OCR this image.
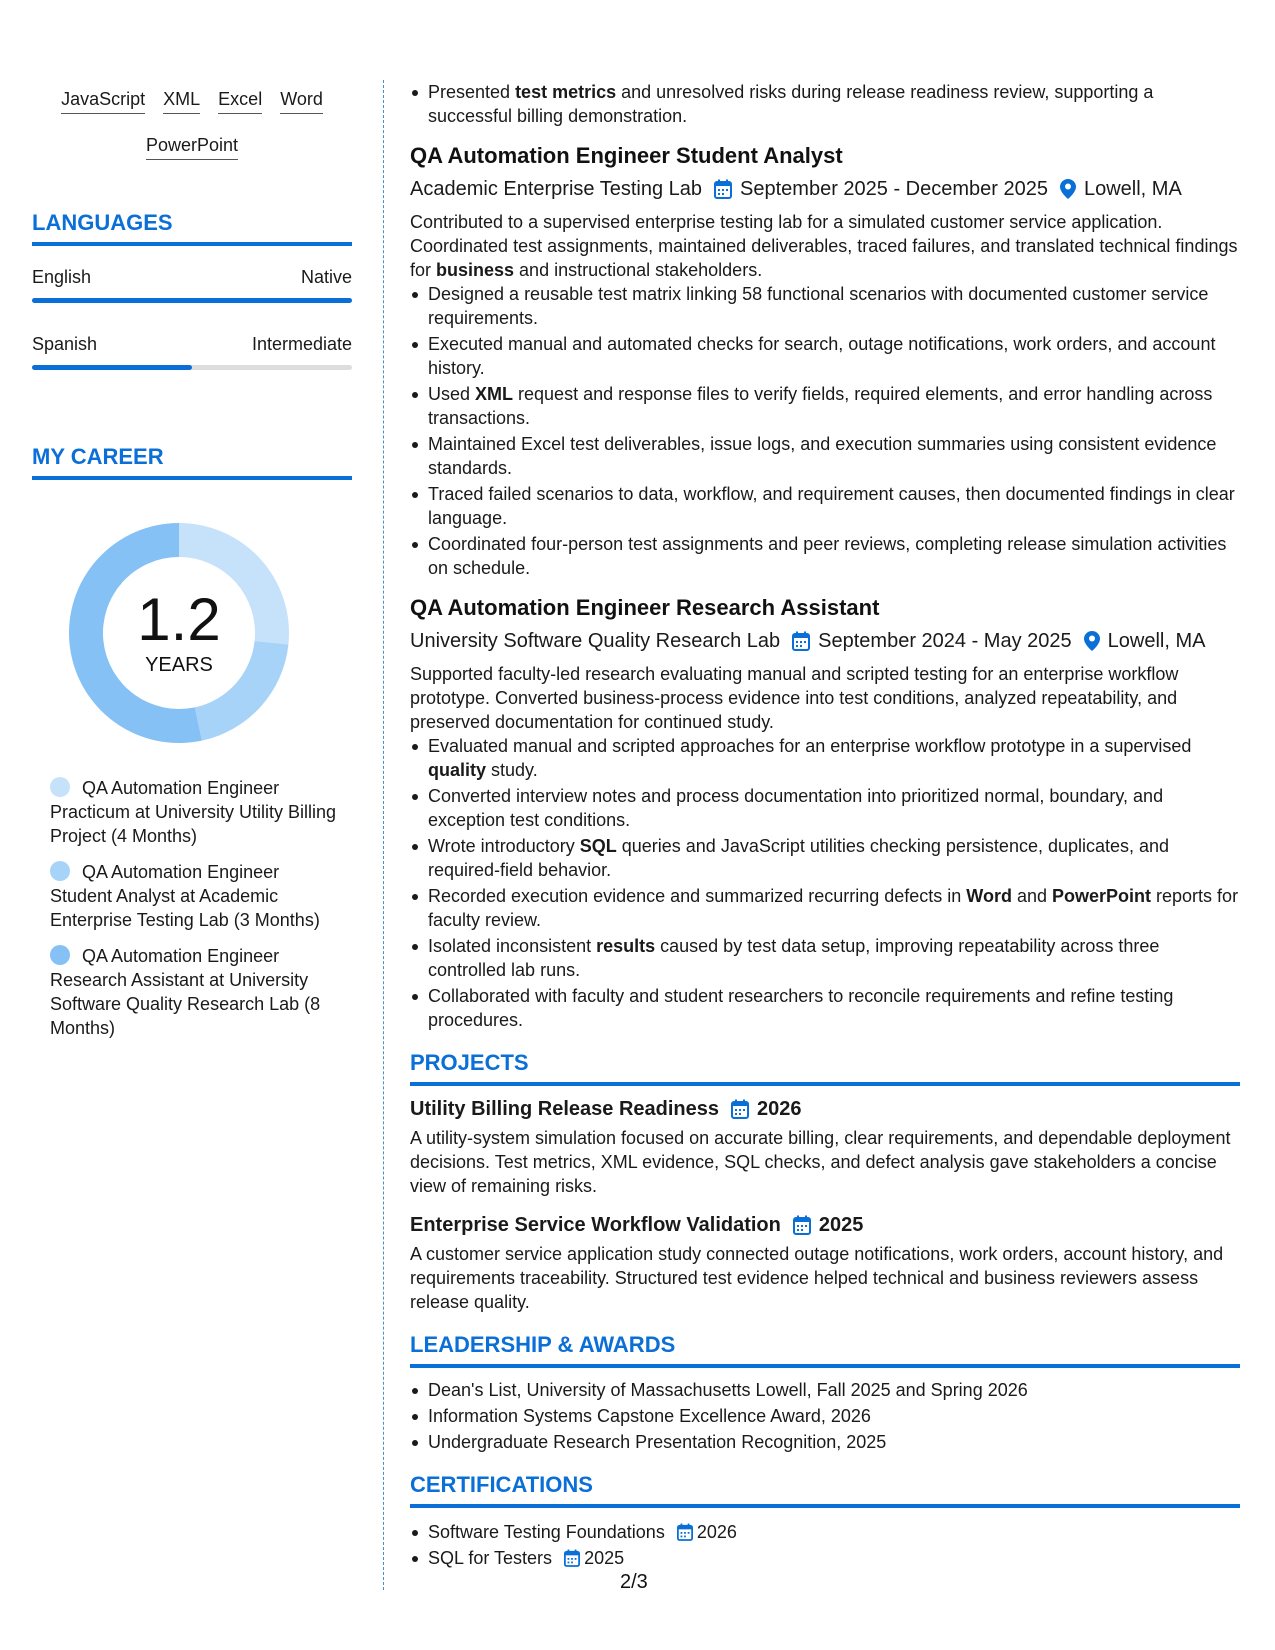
JavaScript XML Excel Word
PowerPoint
LANGUAGES
English	Native
Spanish	Intermediate
MY CAREER
1.2
YEARS
QA Automation Engineer Practicum at University Utility Billing Project (4 Months)
QA Automation Engineer Student Analyst at Academic Enterprise Testing Lab (3 Months)
QA Automation Engineer Research Assistant at University Software Quality Research Lab (8 Months)
Presented test metrics and unresolved risks during release readiness review, supporting a successful billing demonstration.
QA Automation Engineer Student Analyst
Academic Enterprise Testing Lab September 2025 - December 2025 Lowell, MA
Contributed to a supervised enterprise testing lab for a simulated customer service application. Coordinated test assignments, maintained deliverables, traced failures, and translated technical findings for business and instructional stakeholders.
Designed a reusable test matrix linking 58 functional scenarios with documented customer service requirements.
Executed manual and automated checks for search, outage notifications, work orders, and account history.
Used XML request and response files to verify fields, required elements, and error handling across transactions.
Maintained Excel test deliverables, issue logs, and execution summaries using consistent evidence standards.
Traced failed scenarios to data, workflow, and requirement causes, then documented findings in clear language.
Coordinated four-person test assignments and peer reviews, completing release simulation activities on schedule.
QA Automation Engineer Research Assistant
University Software Quality Research Lab September 2024 - May 2025 Lowell, MA
Supported faculty-led research evaluating manual and scripted testing for an enterprise workflow prototype. Converted business-process evidence into test conditions, analyzed repeatability, and preserved documentation for continued study.
Evaluated manual and scripted approaches for an enterprise workflow prototype in a supervised quality study.
Converted interview notes and process documentation into prioritized normal, boundary, and exception test conditions.
Wrote introductory SQL queries and JavaScript utilities checking persistence, duplicates, and required-field behavior.
Recorded execution evidence and summarized recurring defects in Word and PowerPoint reports for faculty review.
Isolated inconsistent results caused by test data setup, improving repeatability across three controlled lab runs.
Collaborated with faculty and student researchers to reconcile requirements and refine testing procedures.
PROJECTS
Utility Billing Release Readiness 2026
A utility-system simulation focused on accurate billing, clear requirements, and dependable deployment decisions. Test metrics, XML evidence, SQL checks, and defect analysis gave stakeholders a concise view of remaining risks.
Enterprise Service Workflow Validation 2025
A customer service application study connected outage notifications, work orders, account history, and requirements traceability. Structured test evidence helped technical and business reviewers assess release quality.
LEADERSHIP & AWARDS
Dean's List, University of Massachusetts Lowell, Fall 2025 and Spring 2026
Information Systems Capstone Excellence Award, 2026
Undergraduate Research Presentation Recognition, 2025
CERTIFICATIONS
Software Testing Foundations 2026
SQL for Testers 2025
2/3
